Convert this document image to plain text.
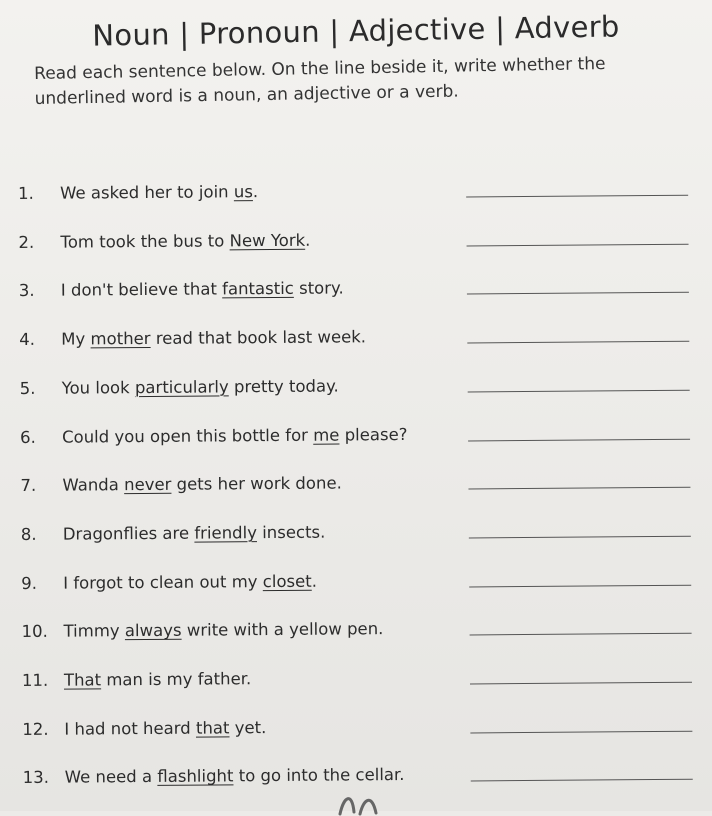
Noun | Pronoun | Adjective | Adverb
Read each sentence below. On the line beside it, write whether the underlined word is a noun, an adjective or a verb.
1.	We asked her to join us.
2.	Tom took the bus to New York.
3.	I don't believe that fantastic story.
4.	My mother read that book last week.
5.	You look particularly pretty today.
6.	Could you open this bottle for me please?
7.	Wanda never gets her work done.
8.	Dragonflies are friendly insects.
9.	I forgot to clean out my closet.
10. Timmy always write with a yellow pen.
11. That man is my father.
12. I had not heard that yet.
13. We need a flashlight to go into the cellar.
